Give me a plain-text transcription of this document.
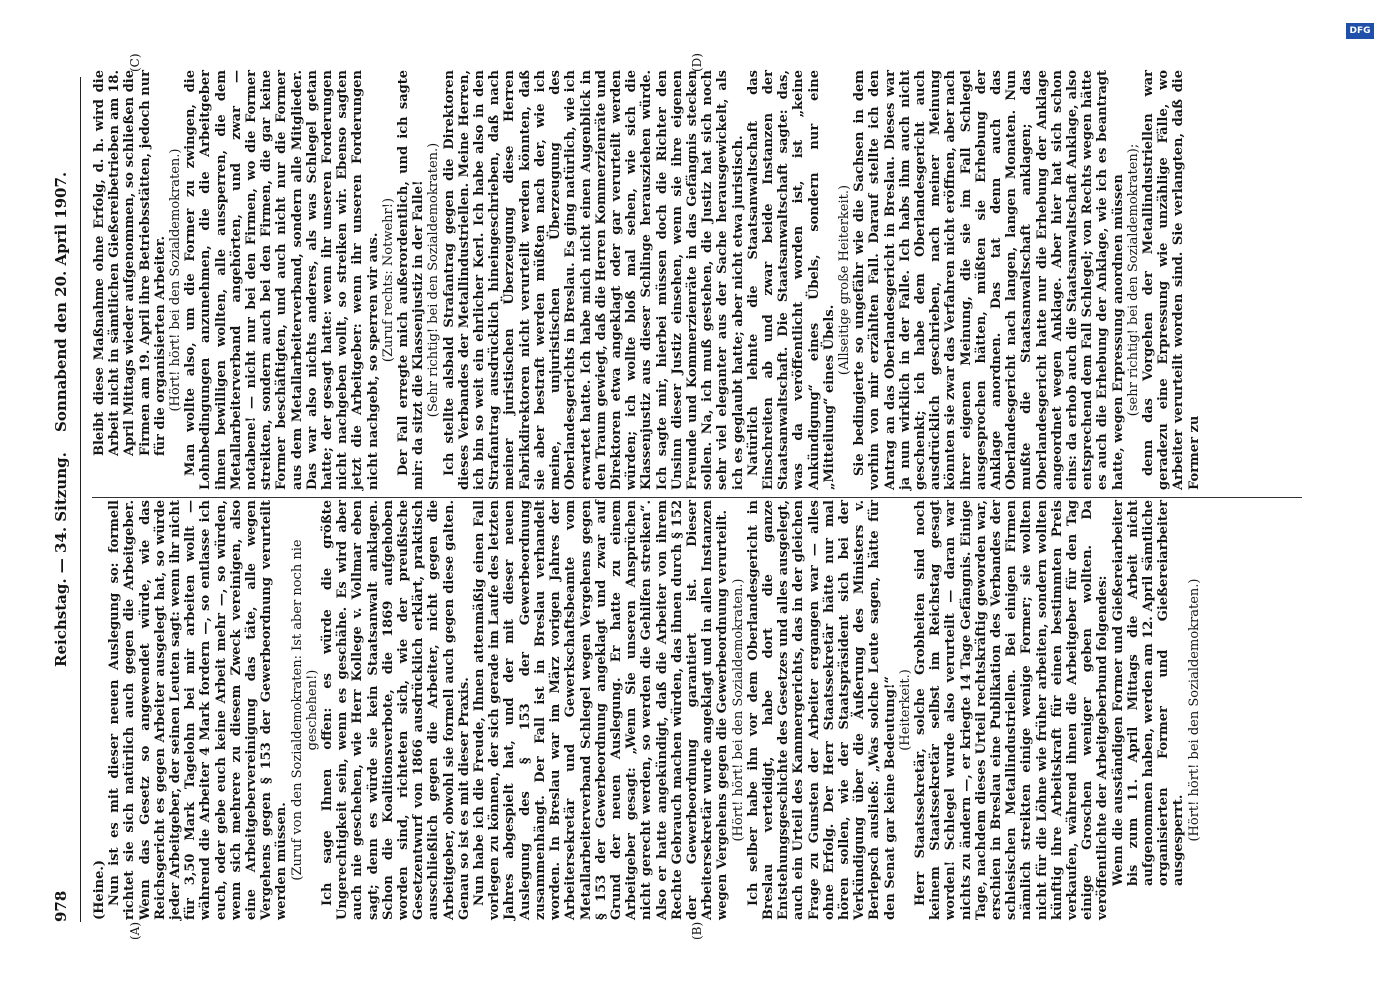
978
Reichstag. — 34. Sitzung.
Sonnabend den 20. April 1907.

(Heine.) Nun ist es mit dieser neuen Auslegung so: formell richtet sie sich natürlich auch gegen die Arbeitgeber. Wenn das Gesetz so angewendet würde, wie das Reichsgericht es gegen Arbeiter ausgelegt hat, so würde jeder Arbeitgeber, der seinen Leuten sagt: wenn ihr nicht für 3,50 Mark Tagelohn bei mir arbeiten wollt — während die Arbeiter 4 Mark fordern —, so entlasse ich euch, oder gebe euch keine Arbeit mehr —, so würden, wenn sich mehrere zu diesem Zweck vereinigen, also eine Arbeitgebervereinigung das täte, alle wegen Vergehens gegen § 153 der Gewerbeordnung verurteilt werden müssen. (Zuruf von den Sozialdemokraten: Ist aber noch nie geschehen!) Ich sage Ihnen offen: es würde die größte Ungerechtigkeit sein, wenn es geschähe. Es wird aber auch nie geschehen, wie Herr Kollege v. Vollmar eben sagt; denn es würde sie kein Staatsanwalt anklagen. Schon die Koalitionsverbote, die 1869 aufgehoben worden sind, richteten sich, wie der preußische Gesetzentwurf von 1866 ausdrücklich erklärt, praktisch ausschließlich gegen die Arbeiter, nicht gegen die Arbeitgeber, obwohl sie formell auch gegen diese galten. Genau so ist es mit dieser Praxis. Nun habe ich die Freude, Ihnen attenmäßig einen Fall vorlegen zu können, der sich gerade im Laufe des letzten Jahres abgespielt hat, und der mit dieser neuen Auslegung des § 153 der Gewerbeordnung zusammenhängt. Der Fall ist in Breslau verhandelt worden. In Breslau war im März vorigen Jahres der Arbeitersekretär und Gewerkschaftsbeamte vom Metallarbeiterverband Schlegel wegen Vergehens gegen § 153 der Gewerbeordnung angeklagt und zwar auf Grund der neuen Auslegung. Er hatte zu einem Arbeitgeber gesagt: „Wenn Sie unseren Ansprüchen nicht gerecht werden, so werden die Gehilfen streiken“. Also er hatte angekündigt, daß die Arbeiter von ihrem Rechte Gebrauch machen würden, das ihnen durch § 152 der Gewerbeordnung garantiert ist. Dieser Arbeitersekretär wurde angeklagt und in allen Instanzen wegen Vergehens gegen die Gewerbeordnung verurteilt. (Hört! hört! bei den Sozialdemokraten.) Ich selber habe ihn vor dem Oberlandesgericht in Breslau verteidigt, habe dort die ganze Entstehungsgeschichte des Gesetzes und alles ausgelegt, auch ein Urteil des Kammergerichts, das in der gleichen Frage zu Gunsten der Arbeiter ergangen war — alles ohne Erfolg. Der Herr Staatssekretär hätte nur mal hören sollen, wie der Staatspräsident sich bei der Verkündigung über die Äußerung des Ministers v. Berlepsch ausließ: „Was solche Leute sagen, hätte für den Senat gar keine Bedeutung!“ (Heiterkeit.) Herr Staatssekretär, solche Grobheiten sind noch keinem Staatssekretär selbst im Reichstag gesagt worden! Schlegel wurde also verurteilt — daran war nichts zu ändern —, er kriegte 14 Tage Gefängnis. Einige Tage, nachdem dieses Urteil rechtskräftig geworden war, erschien in Breslau eine Publikation des Verbandes der schlesischen Metallindustriellen. Bei einigen Firmen nämlich streikten einige wenige Former; sie wollten nicht für die Löhne wie früher arbeiten, sondern wollten künftig ihre Arbeitskraft für einen bestimmten Preis verkaufen, während ihnen die Arbeitgeber für den Tag einige Groschen weniger geben wollten. Da veröffentlichte der Arbeitgeberbund folgendes: Wenn die ausständigen Former und Gießereiarbeiter bis zum 11. April Mittags die Arbeit nicht aufgenommen haben, werden am 12. April sämtliche organisierten Former und Gießereiarbeiter ausgesperrt. (Hört! hört! bei den Sozialdemokraten.)

Bleibt diese Maßnahme ohne Erfolg, d. h. wird die Arbeit nicht in sämtlichen Gießereibetrieben am 18. April Mittags wieder aufgenommen, so schließen die Firmen am 19. April ihre Betriebsstätten, jedoch nur für die organisierten Arbeiter. (Hört! hört! bei den Sozialdemokraten.) Man wollte also, um die Former zu zwingen, die Lohnbedingungen anzunehmen, die die Arbeitgeber ihnen bewilligen wollten, alle aussperren, die dem Metallarbeiterverband angehörten, und zwar — notabene! — nicht nur bei den Firmen, wo die Former streikten, sondern auch bei den Firmen, die gar keine Former beschäftigten, und auch nicht nur die Former aus dem Metallarbeiterverband, sondern alle Mitglieder. Das war also nichts anderes, als was Schlegel getan hatte; der gesagt hatte: wenn ihr unseren Forderungen nicht nachgeben wollt, so streiken wir. Ebenso sagten jetzt die Arbeitgeber: wenn ihr unseren Forderungen nicht nachgebt, so sperren wir aus. (Zuruf rechts: Notwehr!) Der Fall erregte mich außerordentlich, und ich sagte mir: da sitzt die Klassenjustiz in der Falle! (Sehr richtig! bei den Sozialdemokraten.) Ich stellte alsbald Strafantrag gegen die Direktoren dieses Verbandes der Metallindustriellen. Meine Herren, ich bin so weit ein ehrlicher Kerl. Ich habe also in den Strafantrag ausdrücklich hineingeschrieben, daß nach meiner juristischen Überzeugung diese Herren Fabrikdirektoren nicht verurteilt werden könnten, daß sie aber bestraft werden müßten nach der, wie ich meine, unjuristischen Überzeugung des Oberlandesgerichts in Breslau. Es ging natürlich, wie ich erwartet hatte. Ich habe mich nicht einen Augenblick in den Traum gewiegt, daß die Herren Kommerzienräte und Direktoren etwa angeklagt oder gar verurteilt werden würden; ich wollte bloß mal sehen, wie sich die Klassenjustiz aus dieser Schlinge herausziehen würde. Ich sagte mir, hierbei müssen doch die Richter den Unsinn dieser Justiz einsehen, wenn sie ihre eigenen Freunde und Kommerzienräte in das Gefängnis stecken sollen. Na, ich muß gestehen, die Justiz hat sich noch sehr viel eleganter aus der Sache herausgewickelt, als ich es geglaubt hatte; aber nicht etwa juristisch. Natürlich lehnte die Staatsanwaltschaft das Einschreiten ab und zwar beide Instanzen der Staatsanwaltschaft. Die Staatsanwaltschaft sagte: das, was da veröffentlicht worden ist, ist „keine Ankündigung“ eines Übels, sondern nur eine „Mitteilung“ eines Übels.

(Allseitige große Heiterkeit.) Sie bedingierte so ungefähr wie die Sachsen in dem vorhin von mir erzählten Fall. Darauf stellte ich den Antrag an das Oberlandesgericht in Breslau. Dieses war ja nun wirklich in der Falle. Ich habs ihm auch nicht geschenkt; ich habe dem Oberlandesgericht auch ausdrücklich geschrieben, nach meiner Meinung könnten sie zwar das Verfahren nicht eröffnen, aber nach ihrer eigenen Meinung, die sie im Fall Schlegel ausgesprochen hätten, müßten sie Erhebung der Anklage anordnen. Das tat denn auch das Oberlandesgericht nach langen, langen Monaten. Nun mußte die Staatsanwaltschaft anklagen; das Oberlandesgericht hatte nur die Erhebung der Anklage angeordnet wegen Anklage. Aber hier hat sich schon eins: da erhob auch die Staatsanwaltschaft Anklage, also entsprechend dem Fall Schlegel; von Rechts wegen hätte es auch die Erhebung der Anklage, wie ich es beantragt hatte, wegen Erpressung anordnen müssen (sehr richtig! bei den Sozialdemokraten); denn das Vorgehen der Metallindustriellen war geradezu eine Erpressung wie unzählige Fälle, wo Arbeiter verurteilt worden sind. Sie verlangten, daß die Former zu

(A)	(B)
(C)	(D)
DFG
